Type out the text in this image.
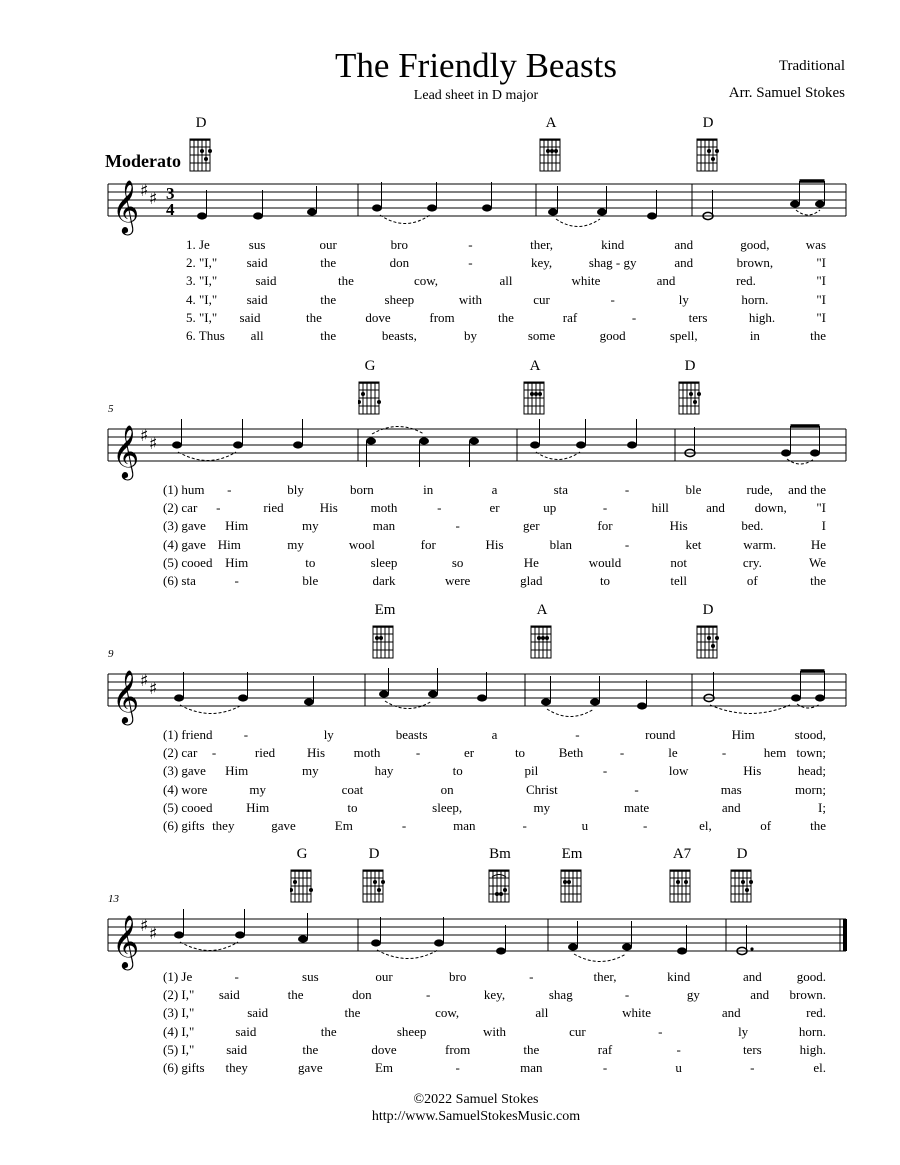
The Friendly Beasts
Lead sheet in D major
Traditional
Arr. Samuel Stokes
Moderato
5
9
13
D	A	D
G	A	D
Em	A	D
G	D	Bm	Em	A7	D
𝄞 ♯ ♯ 3
4
𝄞 ♯ ♯
𝄞 ♯ ♯
𝄞 ♯ ♯
1. Je	sus	our	bro	-	ther,	kind	and	good,	was
2. "I," said	the	don	-	key,	shag - gy	and	brown,	"I
3. "I,"	said	the	cow,	all	white	and	red.	"I
4. "I," said	the	sheep	with	cur	-	ly	horn.	"I
5. "I," said	the	dove	from	the	raf	-	ters	high.	"I
6. Thus all	the	beasts,	by	some	good	spell,	in	the
(1) hum -	bly	born	in	a	sta	-	ble	rude, and the
(2) car -	ried	His	moth	-	er	up	-	hill	and down, "I
(3) gave Him	my	man	-	ger	for	His	bed.	I
(4) gave Him	my	wool	for	His	blan	-	ket	warm.	He
(5) cooed Him	to	sleep	so	He	would	not	cry.	We
(6) sta	-	ble	dark	were	glad	to	tell	of	the
(1) friend -	ly	beasts	a	-	round	Him	stood,
(2) car -	ried His moth	-	er	to	Beth	-	le	-	hem town;
(3) gave Him	my	hay	to	pil	-	low	His	head;
(4) wore	my	coat	on	Christ	-	mas	morn;
(5) cooed	Him	to	sleep,	my	mate	and	I;
(6) gifts they	gave	Em	-	man	-	u	-	el,	of	the
(1) Je	-	sus	our	bro	-	ther,	kind	and	good.
(2) I," said	the	don	-	key,	shag	-	gy	and brown.
(3) I,"	said	the	cow,	all	white	and	red.
(4) I,"	said	the	sheep	with	cur	-	ly	horn.
(5) I," said	the	dove	from	the	raf	-	ters	high.
(6) gifts they	gave	Em	-	man	-	u	-	el.
©2022 Samuel Stokes
http://www.SamuelStokesMusic.com
